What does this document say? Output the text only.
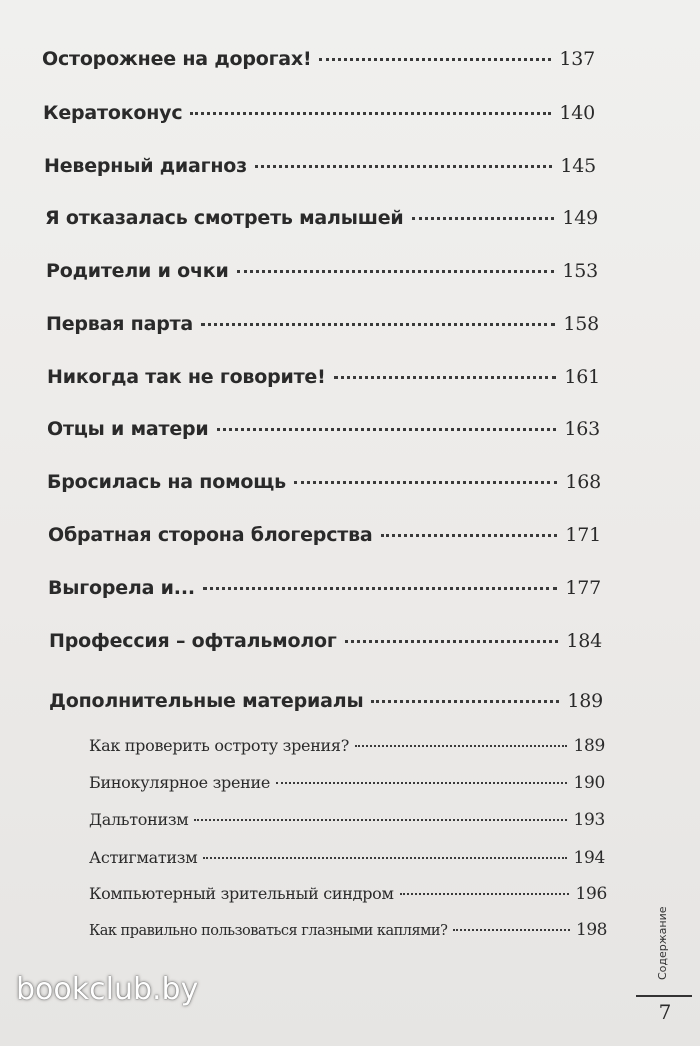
Осторожнее на дорогах!	137
Кератоконус	140
Неверный диагноз	145
Я отказалась смотреть малышей	149
Родители и очки	153
Первая парта	158
Никогда так не говорите!	161
Отцы и матери	163
Бросилась на помощь	168
Обратная сторона блогерства	171
Выгорела и...	177
Профессия – офтальмолог	184
Дополнительные материалы	189
Как проверить остроту зрения?	189
Бинокулярное зрение	190
Дальтонизм	193
Астигматизм	194
Компьютерный зрительный синдром	196
Как правильно пользоваться глазными каплями?	198	Содержание
7
bookclub.by
